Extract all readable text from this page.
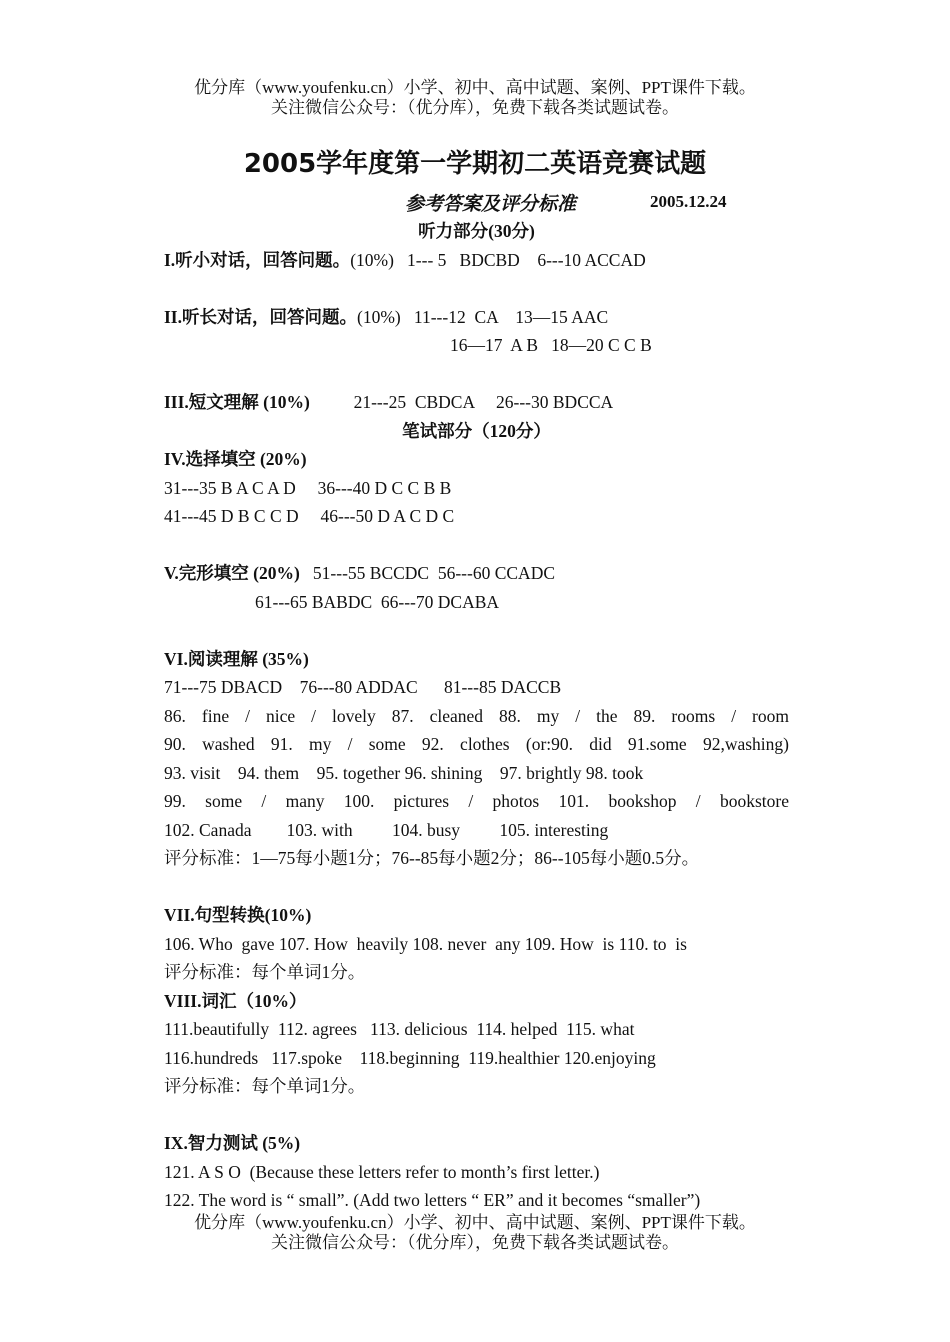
优分库（www.youfenku.cn）小学、初中、高中试题、案例、PPT课件下载。
关注微信公众号：（优分库），免费下载各类试题试卷。
2005学年度第一学期初二英语竞赛试题
参考答案及评分标准	2005.12.24
听力部分(30分)
I.听小对话，回答问题。(10%)   1--- 5   BDCBD    6---10 ACCAD
II.听长对话，回答问题。(10%)   11---12  CA    13—15 AAC
16—17  A B   18—20 C C B
III.短文理解 (10%)          21---25  CBDCA     26---30 BDCCA
笔试部分（120分）
IV.选择填空 (20%)
31---35 B A C A D     36---40 D C C B B
41---45 D B C C D     46---50 D A C D C
V.完形填空 (20%)   51---55 BCCDC  56---60 CCADC
61---65 BABDC  66---70 DCABA
VI.阅读理解 (35%)
71---75 DBACD    76---80 ADDAC      81---85 DACCB
86. fine / nice / lovely 87. cleaned 88. my / the 89. rooms / room
90. washed 91. my / some 92. clothes (or:90. did 91.some 92,washing)
93. visit    94. them    95. together 96. shining    97. brightly 98. took
99. some / many 100. pictures / photos 101. bookshop / bookstore
102. Canada        103. with         104. busy         105. interesting
评分标准：1—75每小题1分；76--85每小题2分；86--105每小题0.5分。
VII.句型转换(10%)
106. Who  gave 107. How  heavily 108. never  any 109. How  is 110. to  is
评分标准：每个单词1分。
VIII.词汇（10%）
111.beautifully  112. agrees   113. delicious  114. helped  115. what
116.hundreds   117.spoke    118.beginning  119.healthier 120.enjoying
评分标准：每个单词1分。
IX.智力测试 (5%)
121. A S O  (Because these letters refer to month’s first letter.)
122. The word is “ small”. (Add two letters “ ER” and it becomes “smaller”)
优分库（www.youfenku.cn）小学、初中、高中试题、案例、PPT课件下载。
关注微信公众号：（优分库），免费下载各类试题试卷。
